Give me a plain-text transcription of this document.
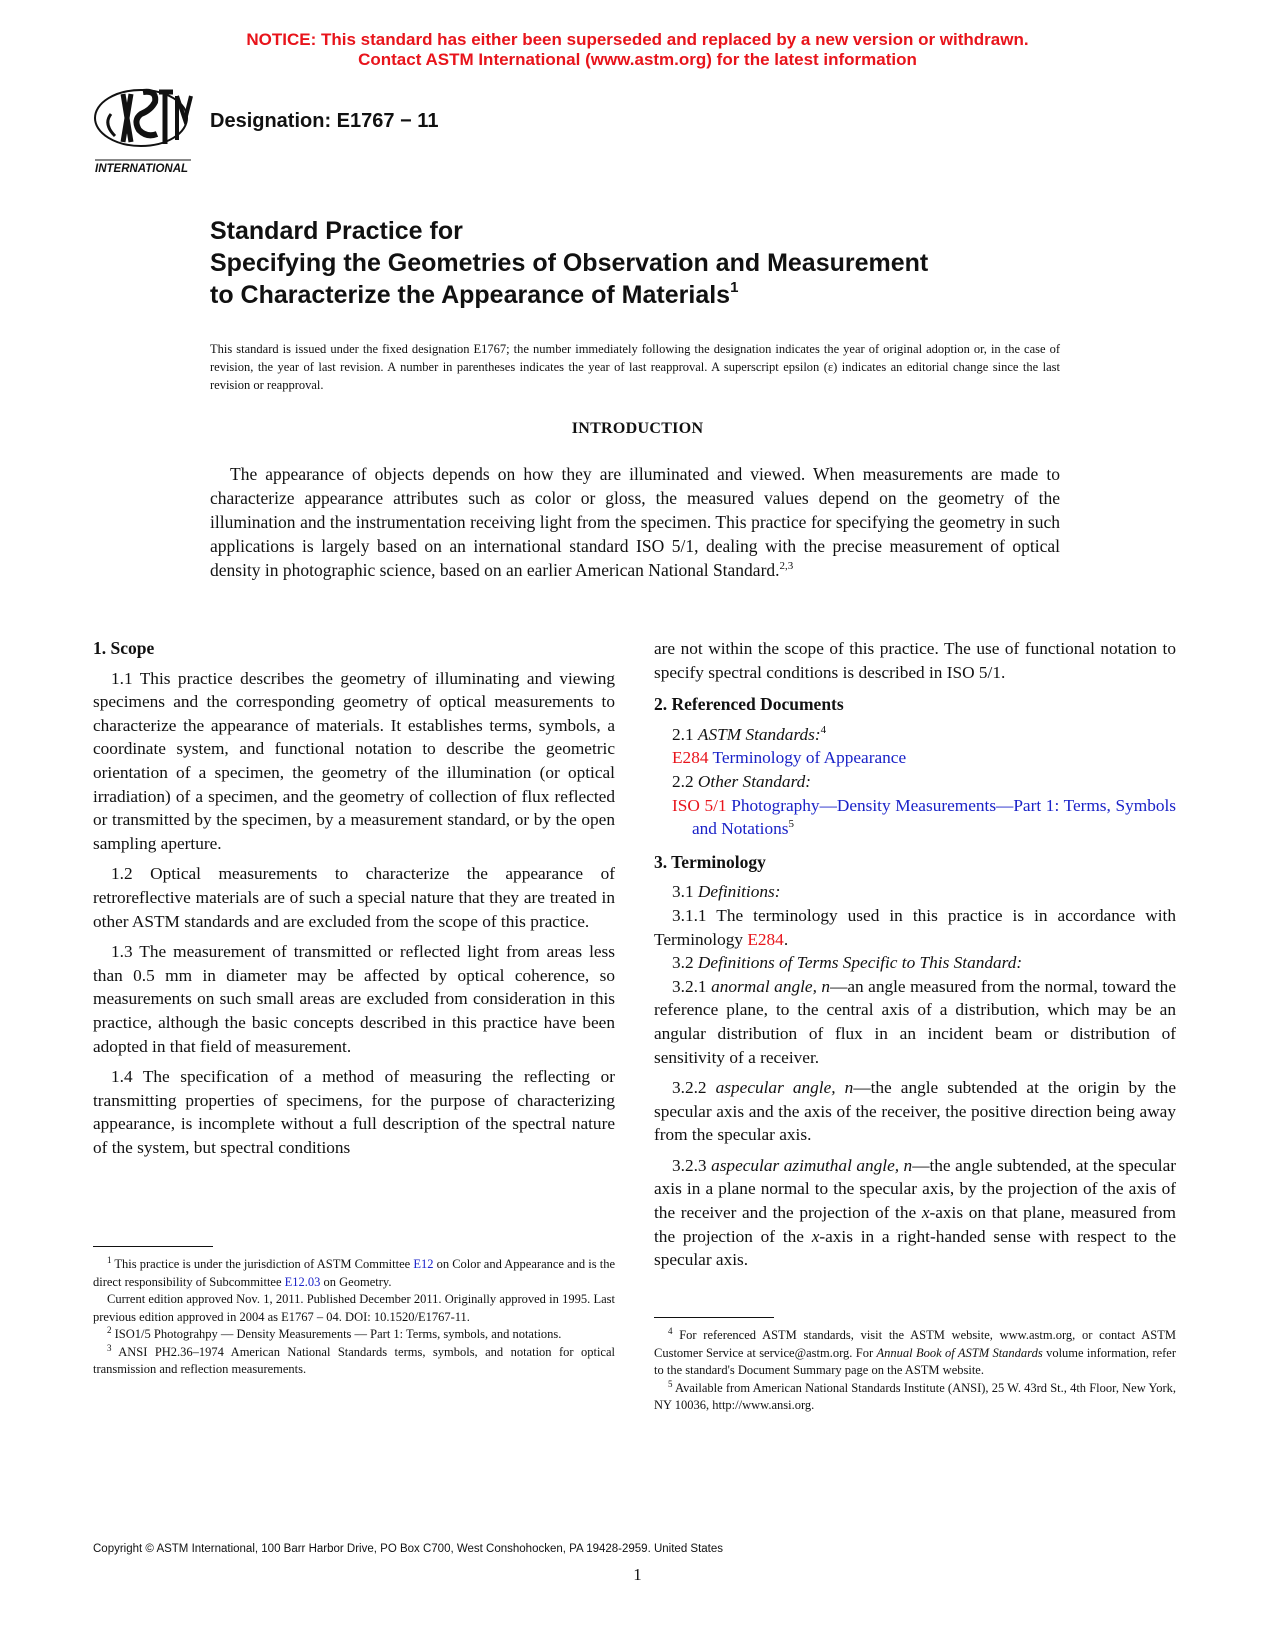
NOTICE: This standard has either been superseded and replaced by a new version or withdrawn.
Contact ASTM International (www.astm.org) for the latest information
INTERNATIONAL
Designation: E1767 − 11
Standard Practice for
Specifying the Geometries of Observation and Measurement
to Characterize the Appearance of Materials$^1$
This standard is issued under the fixed designation E1767; the number immediately following the designation indicates the year of original adoption or, in the case of revision, the year of last revision. A number in parentheses indicates the year of last reapproval. A superscript epsilon (ε) indicates an editorial change since the last revision or reapproval.
INTRODUCTION
The appearance of objects depends on how they are illuminated and viewed. When measurements are made to characterize appearance attributes such as color or gloss, the measured values depend on the geometry of the illumination and the instrumentation receiving light from the specimen. This practice for specifying the geometry in such applications is largely based on an international standard ISO 5/1, dealing with the precise measurement of optical density in photographic science, based on an earlier American National Standard.$^{2,3}$
1. Scope

1.1 This practice describes the geometry of illuminating and viewing specimens and the corresponding geometry of optical measurements to characterize the appearance of materials. It establishes terms, symbols, a coordinate system, and functional notation to describe the geometric orientation of a specimen, the geometry of the illumination (or optical irradiation) of a specimen, and the geometry of collection of flux reflected or transmitted by the specimen, by a measurement standard, or by the open sampling aperture.

1.2 Optical measurements to characterize the appearance of retroreflective materials are of such a special nature that they are treated in other ASTM standards and are excluded from the scope of this practice.

1.3 The measurement of transmitted or reflected light from areas less than 0.5 mm in diameter may be affected by optical coherence, so measurements on such small areas are excluded from consideration in this practice, although the basic concepts described in this practice have been adopted in that field of measurement.

1.4 The specification of a method of measuring the reflecting or transmitting properties of specimens, for the purpose of characterizing appearance, is incomplete without a full description of the spectral nature of the system, but spectral conditions

are not within the scope of this practice. The use of functional notation to specify spectral conditions is described in ISO 5/1.

2. Referenced Documents

2.1 ASTM Standards:$^4$

E284 Terminology of Appearance

2.2 Other Standard:

ISO 5/1 Photography—Density Measurements—Part 1: Terms, Symbols and Notations$^5$

3. Terminology

3.1 Definitions:

3.1.1 The terminology used in this practice is in accordance with Terminology E284.

3.2 Definitions of Terms Specific to This Standard:

3.2.1 anormal angle, n—an angle measured from the normal, toward the reference plane, to the central axis of a distribution, which may be an angular distribution of flux in an incident beam or distribution of sensitivity of a receiver.

3.2.2 aspecular angle, n—the angle subtended at the origin by the specular axis and the axis of the receiver, the positive direction being away from the specular axis.

3.2.3 aspecular azimuthal angle, n—the angle subtended, at the specular axis in a plane normal to the specular axis, by the projection of the axis of the receiver and the projection of the x-axis on that plane, measured from the projection of the x-axis in a right-handed sense with respect to the specular axis.

$^1$ This practice is under the jurisdiction of ASTM Committee E12 on Color and Appearance and is the direct responsibility of Subcommittee E12.03 on Geometry.

Current edition approved Nov. 1, 2011. Published December 2011. Originally approved in 1995. Last previous edition approved in 2004 as E1767 – 04. DOI: 10.1520/E1767-11.

$^2$ ISO1/5 Photograhpy — Density Measurements — Part 1: Terms, symbols, and notations.

$^3$ ANSI PH2.36–1974 American National Standards terms, symbols, and notation for optical transmission and reflection measurements.

$^4$ For referenced ASTM standards, visit the ASTM website, www.astm.org, or contact ASTM Customer Service at service@astm.org. For Annual Book of ASTM Standards volume information, refer to the standard's Document Summary page on the ASTM website.

$^5$ Available from American National Standards Institute (ANSI), 25 W. 43rd St., 4th Floor, New York, NY 10036, http://www.ansi.org.

Copyright © ASTM International, 100 Barr Harbor Drive, PO Box C700, West Conshohocken, PA 19428-2959. United States
1
